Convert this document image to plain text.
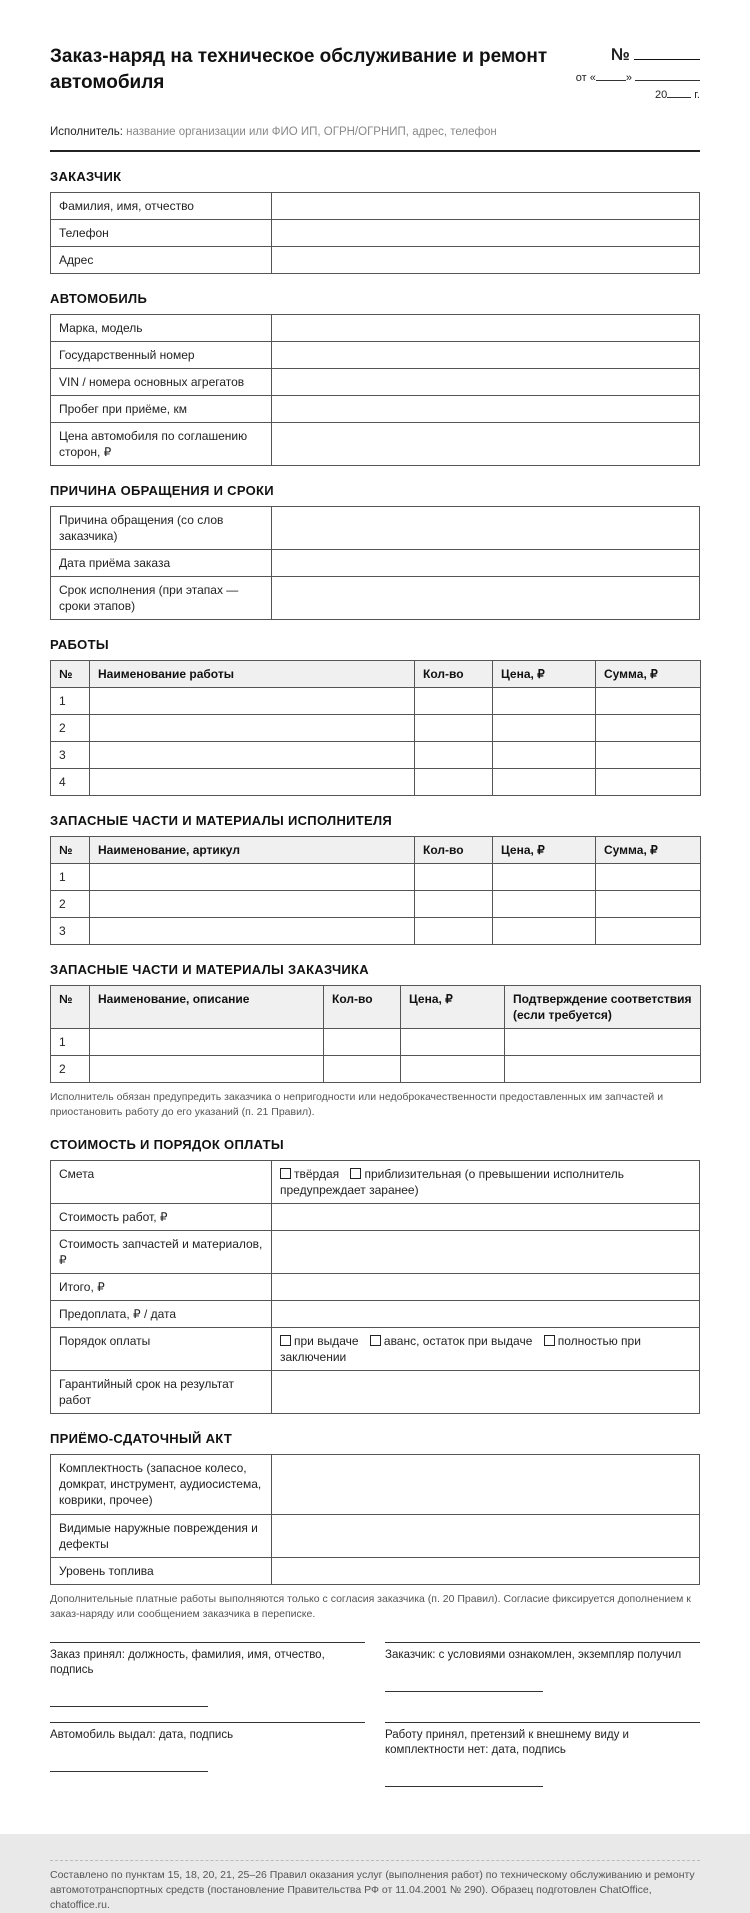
Заказ-наряд на техническое обслуживание и ремонт автомобиля
№
от «	»
20 г.
Исполнитель: название организации или ФИО ИП, ОГРН/ОГРНИП, адрес, телефон
ЗАКАЗЧИК
Фамилия, имя, отчество	
Телефон	
Адрес	
АВТОМОБИЛЬ
Марка, модель	
Государственный номер	
VIN / номера основных агрегатов	
Пробег при приёме, км	
Цена автомобиля по соглашению сторон, ₽	
ПРИЧИНА ОБРАЩЕНИЯ И СРОКИ
Причина обращения (со слов заказчика)	
Дата приёма заказа	
Срок исполнения (при этапах — сроки этапов)	
РАБОТЫ
№	Наименование работы	Кол-во	Цена, ₽	Сумма, ₽
1				
2				
3				
4				
ЗАПАСНЫЕ ЧАСТИ И МАТЕРИАЛЫ ИСПОЛНИТЕЛЯ
№	Наименование, артикул	Кол-во	Цена, ₽	Сумма, ₽
1				
2				
3				
ЗАПАСНЫЕ ЧАСТИ И МАТЕРИАЛЫ ЗАКАЗЧИКА
№	Наименование, описание	Кол-во	Цена, ₽	Подтверждение соответствия (если требуется)
1				
2				
Исполнитель обязан предупредить заказчика о непригодности или недоброкачественности предоставленных им запчастей и приостановить работу до его указаний (п. 21 Правил).
СТОИМОСТЬ И ПОРЯДОК ОПЛАТЫ
Смета	твёрдая приблизительная (о превышении исполнитель предупреждает заранее)
Стоимость работ, ₽	
Стоимость запчастей и материалов, ₽	
Итого, ₽	
Предоплата, ₽ / дата	
Порядок оплаты	при выдаче аванс, остаток при выдаче полностью при заключении
Гарантийный срок на результат работ	
ПРИЁМО-СДАТОЧНЫЙ АКТ
Комплектность (запасное колесо, домкрат, инструмент, аудиосистема, коврики, прочее)	
Видимые наружные повреждения и дефекты	
Уровень топлива	
Дополнительные платные работы выполняются только с согласия заказчика (п. 20 Правил). Согласие фиксируется дополнением к заказ-наряду или сообщением заказчика в переписке.
Заказ принял: должность, фамилия, имя, отчество, подпись
Заказчик: с условиями ознакомлен, экземпляр получил
Автомобиль выдал: дата, подпись	Работу принял, претензий к внешнему виду и комплектности нет: дата, подпись
Составлено по пунктам 15, 18, 20, 21, 25–26 Правил оказания услуг (выполнения работ) по техническому обслуживанию и ремонту автомототранспортных средств (постановление Правительства РФ от 11.04.2001 № 290). Образец подготовлен ChatOffice, chatoffice.ru.
